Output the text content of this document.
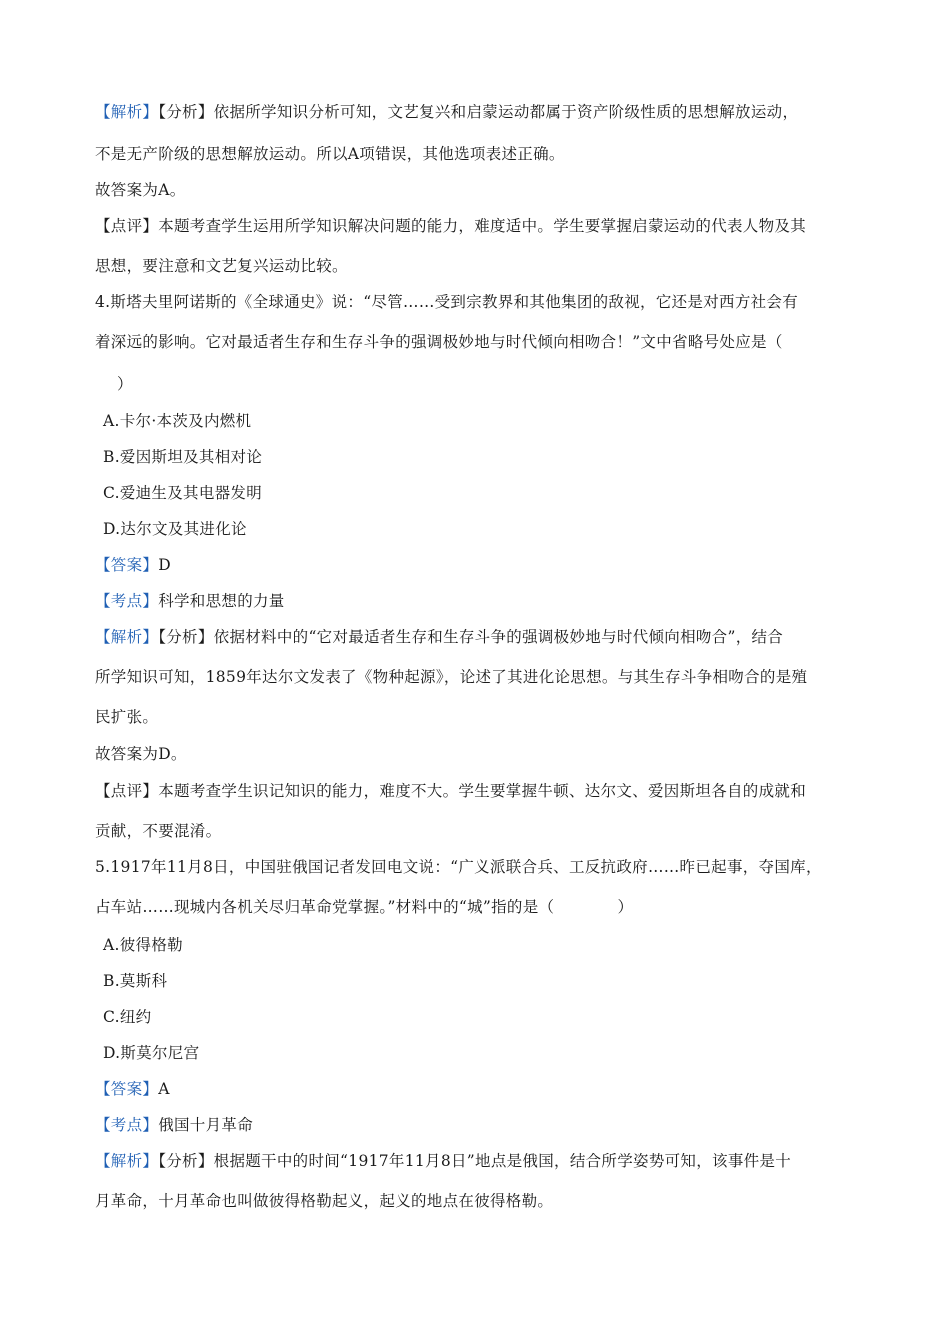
【解析】【分析】依据所学知识分析可知，文艺复兴和启蒙运动都属于资产阶级性质的思想解放运动，
不是无产阶级的思想解放运动。所以A项错误，其他选项表述正确。
故答案为A。
【点评】本题考查学生运用所学知识解决问题的能力，难度适中。学生要掌握启蒙运动的代表人物及其
思想，要注意和文艺复兴运动比较。
4.斯塔夫里阿诺斯的《全球通史》说：“尽管……受到宗教界和其他集团的敌视，它还是对西方社会有
着深远的影响。它对最适者生存和生存斗争的强调极妙地与时代倾向相吻合！”文中省略号处应是（
）
A.卡尔·本茨及内燃机
B.爱因斯坦及其相对论
C.爱迪生及其电器发明
D.达尔文及其进化论
【答案】D
【考点】科学和思想的力量
【解析】【分析】依据材料中的“它对最适者生存和生存斗争的强调极妙地与时代倾向相吻合”，结合
所学知识可知，1859年达尔文发表了《物种起源》，论述了其进化论思想。与其生存斗争相吻合的是殖
民扩张。
故答案为D。
【点评】本题考查学生识记知识的能力，难度不大。学生要掌握牛顿、达尔文、爱因斯坦各自的成就和
贡献，不要混淆。
5.1917年11月8日，中国驻俄国记者发回电文说：“广义派联合兵、工反抗政府……昨已起事，夺国库，
占车站……现城内各机关尽归革命党掌握。”材料中的“城”指的是（　　　　）
A.彼得格勒
B.莫斯科
C.纽约
D.斯莫尔尼宫
【答案】A
【考点】俄国十月革命
【解析】【分析】根据题干中的时间“1917年11月8日”地点是俄国，结合所学姿势可知，该事件是十
月革命，十月革命也叫做彼得格勒起义，起义的地点在彼得格勒。
